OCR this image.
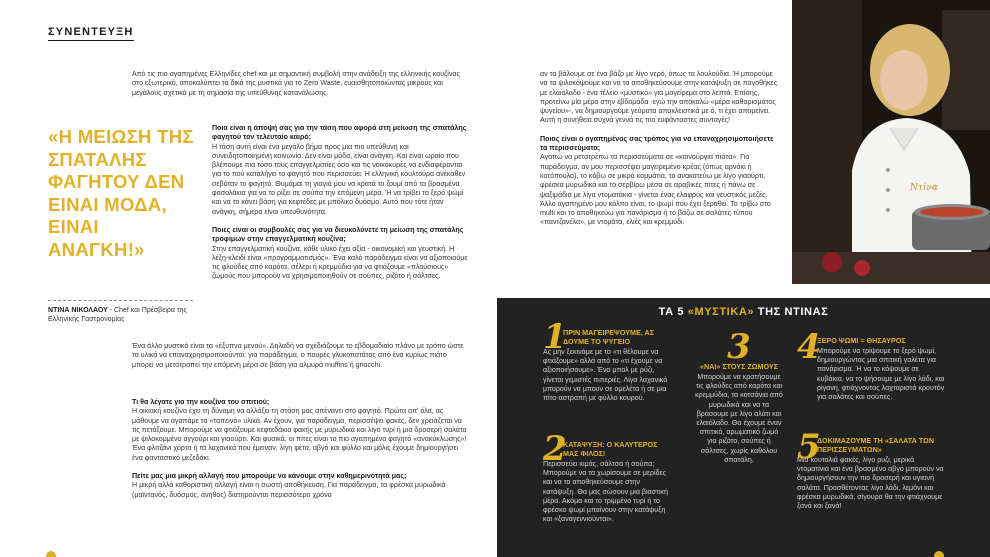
ΣΥΝΕΝΤΕΥΞΗ
Από τις πιο αγαπημένες Ελληνίδες chef και με σημαντική συμβολή στην ανάδειξη της ελληνικής κουζίνας στο εξωτερικό, αποκαλύπτει τα δικά της μυστικά για το Zero Waste, ευαισθητοποιώντας μικρούς και μεγάλους σχετικά με τη σημασία της υπεύθυνης κατανάλωσης.
«Η ΜΕΙΩΣΗ ΤΗΣ ΣΠΑΤΑΛΗΣ ΦΑΓΗΤΟΥ ΔΕΝ ΕΙΝΑΙ ΜΟΔΑ, ΕΙΝΑΙ ΑΝΑΓΚΗ!»
ΝΤΙΝΑ ΝΙΚΟΛΑΟΥ - Chef και Πρέσβειρα της Ελληνικής Γαστρονομίας

Ποια είναι η άποψή σας για την τάση που αφορά στη μείωση της σπατάλης φαγητού τον τελευταίο καιρό;
Η τάση αυτή είναι ένα μεγάλο βήμα προς μια πιο υπεύθυνη και συνειδητοποιημένη κοινωνία. Δεν είναι μόδα, είναι ανάγκη. Και είναι ωραίο που βλέπουμε πια τόσο τους επαγγελματίες όσο και τις νοικοκυρές να ενδιαφέρονται για το πού καταλήγει το φαγητό που περισσεύει. Η ελληνική κουλτούρα ανέκαθεν σεβόταν το φαγητό. Θυμάμαι τη γιαγιά μου να κρατά το ζουμί από τα βρασμένα φασολάκια για να το ρίξει σε σούπα την επόμενη μέρα. Ή να τρίβει το ξερό ψωμί και να το κάνει βάση για κεφτέδες με μπόλικο δυόσμο. Αυτό που τότε ήταν ανάγκη, σήμερα είναι υπευθυνότητα.

Ποιες είναι οι συμβουλές σας για να διευκολύνετε τη μείωση της σπατάλης τροφίμων στην επαγγελματική κουζίνα;
Στην επαγγελματική κουζίνα, κάθε υλικό έχει αξία - οικονομική και γευστική. Η λέξη-κλειδί είναι «προγραμματισμός». Ένα καλό παράδειγμα είναι να αξιοποιούμε τις φλούδες από καρότα, σέλερι ή κρεμμύδια για να φτιάξουμε «πλούσιους» ζωμούς που μπορούν να χρησιμοποιηθούν σε σούπες, ριζότο ή σάλτσες.

Ένα άλλο μυστικό είναι τα «έξυπνα μενού». Δηλαδή να σχεδιάζουμε το εβδομαδιαίο πλάνο με τρόπο ώστε τα υλικά να επαναχρησιμοποιούνται: για παράδειγμα, ο πουρές γλυκοπατάτας από ένα κυρίως πιάτο μπορεί να μετατραπεί την επόμενη μέρα σε βάση για αλμυρά muffins ή gnocchi.

Τι θα λέγατε για την κουζίνα του σπιτιού;
Η οικιακή κουζίνα έχει τη δύναμη να αλλάξει τη στάση μας απέναντι στο φαγητό. Πρώτα απ' όλα, ας μάθουμε να αγαπάμε τα «ταπεινά» υλικά. Αν έχουν, για παράδειγμα, περισσέψει φακές, δεν χρειάζεται να τις πετάξουμε. Μπορούμε να φτιάξουμε κεφτεδάκια φακής με μυρωδικά και λίγο τυρί ή μια δροσερή σαλάτα με ψιλοκομμένο αγγούρι και γιαούρτι. Και φυσικά, οι πίτες είναι το πιο αγαπημένο φαγητό «ανακύκλωσης»! Ένα φλιτζάνι χόρτα ή τα λαχανικά που έμειναν, λίγη φέτα, αβγό και φύλλο και μόλις έχουμε δημιουργήσει ένα φανταστικό μεζεδάκι.

Πείτε μας μια μικρή αλλαγή που μπορούμε να κάνουμε στην καθημερινότητά μας;
Η μικρή αλλά καθοριστική αλλαγή είναι η σωστή αποθήκευση. Για παράδειγμα, τα φρέσκα μυρωδικά (μαϊντανός, δυόσμος, άνηθος) διατηρούνται περισσότερο χρόνο

αν τα βάλουμε σε ένα βάζο με λίγο νερό, όπως τα λουλούδια. Ή μπορούμε να τα ψιλοκόψουμε και να τα αποθηκεύσουμε στην κατάψυξη σε παγοθήκες με ελαιόλαδο - ένα τέλειο «μυστικό» για μαγείρεμα στο λεπτό. Επίσης, προτείνω μία μέρα στην εβδομάδα -εγώ την αποκαλώ «μέρα καθαρισμάτος ψυγείου»-, να δημιουργούμε γεύματα αποκλειστικά με ό, τι έχει απομείνει. Αυτή η συνήθεια συχνά γεννά τις πιο ευφάνταστες συνταγές!

Ποιος είναι ο αγαπημένος σας τρόπος για να επαναχρησιμοποιήσετε τα περισσεύματα;
Αγαπώ να μετατρέπω τα περισσεύματα σε «καινούργια πιάτα». Για παράδειγμα, αν μου περισσέψει μαγειρεμένο κρέας (όπως αρνάκι ή κοτόπουλο), το κόβω σε μικρά κομμάτια, το ανακατεύω με λίγο γιαούρτι, φρέσκα μυρωδικά και το σερβίρω μέσα σε αραβικές πίτες ή πάνω σε ψαξιμάδια με λίγα ντοματάκια - γίνεται ένας ελαφρύς και γευστικός μεζές. Άλλο αγαπημένο μου κόλπο είναι, το ψωμί που έχει ξεραθεί. Το τρίβω στο multi και το αποθηκεύω για πανάρισμα ή το βάζω σε σαλάτες τύπου «παντζανέλα», με ντομάτα, ελιές και κρεμμύδι.

Ντίνα
ΤΑ 5 «ΜΥΣΤΙΚΑ» ΤΗΣ ΝΤΙΝΑΣ
1
ΠΡΙΝ ΜΑΓΕΙΡΕΨΟΥΜΕ, ΑΣ ΔΟΥΜΕ ΤΟ ΨΥΓΕΙΟ
Ας μην ξεκινάμε με το «τι θέλουμε να φτιάξουμε» αλλά από το «τι έχουμε να αξιοποιήσουμε». Ένα μπολ με ρύζι, γίνεται γεμιστές πιπεριές. Λίγα λαχανικά μπορούν να μπουν σε ομελέτα ή σε μια πίτα-αστραπή με φύλλο κουρού.
2
ΚΑΤΑΨΥΞΗ: Ο ΚΑΛΥΤΕΡΟΣ ΜΑΣ ΦΙΛΟΣ!
Περισσεύει κιμάς, σάλτσα ή σούπα; Μπορούμε να τα χωρίσουμε σε μερίδες και να τα αποθηκεύσουμε στην κατάψυξη. Θα μας σώσουν μια βιαστική μέρα. Ακόμα και το τριμμένο τυρί ή το φρέσκο ψωμί μπαίνουν στην κατάψυξη και «ξαναγεννιούνται».
3
«ΝΑΙ» ΣΤΟΥΣ ΖΩΜΟΥΣ
Μπορούμε να κρατήσουμε τις φλούδες από καρότα και κρεμμύδια, τα κοτσάνια από μυρωδικά και να τα βράσουμε με λίγο αλάτι και ελαιόλαδο. Θα έχουμε έναν σπιτικό, αρωματικό ζωμό για ριζότο, σούπες ή σάλτσες, χωρίς καθόλου σπατάλη.
4
ΞΕΡΟ ΨΩΜΙ = ΘΗΣΑΥΡΟΣ
Μπορούμε να τρίψουμε το ξερό ψωμί, δημιουργώντας μια σπιτική γαλέτα για πανάρισμα. Ή να το κόψουμε σε κυβάκια, να το ψήσουμε με λίγο λάδι, και ρίγανη, φτιάχνοντας λαχταριστά κρουτόν για σαλάτες και σούπες.
5
ΔΟΚΙΜΑΖΟΥΜΕ ΤΗ «ΣΑΛΑΤΑ ΤΩΝ ΠΕΡΙΣΣΕΥΜΑΤΩΝ»
Μια κουταλιά φακές, λίγο ρυζι, μερικά ντοματίνια και ένα βρασμένο αβγό μπορούν να δημιουργήσουν την πιο δροσερή και υγιεινή σαλάτα. Προσθέτοντας λίγο λάδι, λεμόνι και φρέσκα μυρωδικά, σίγουρα θα την φτιάχνουμε ξανά και ξανά!
